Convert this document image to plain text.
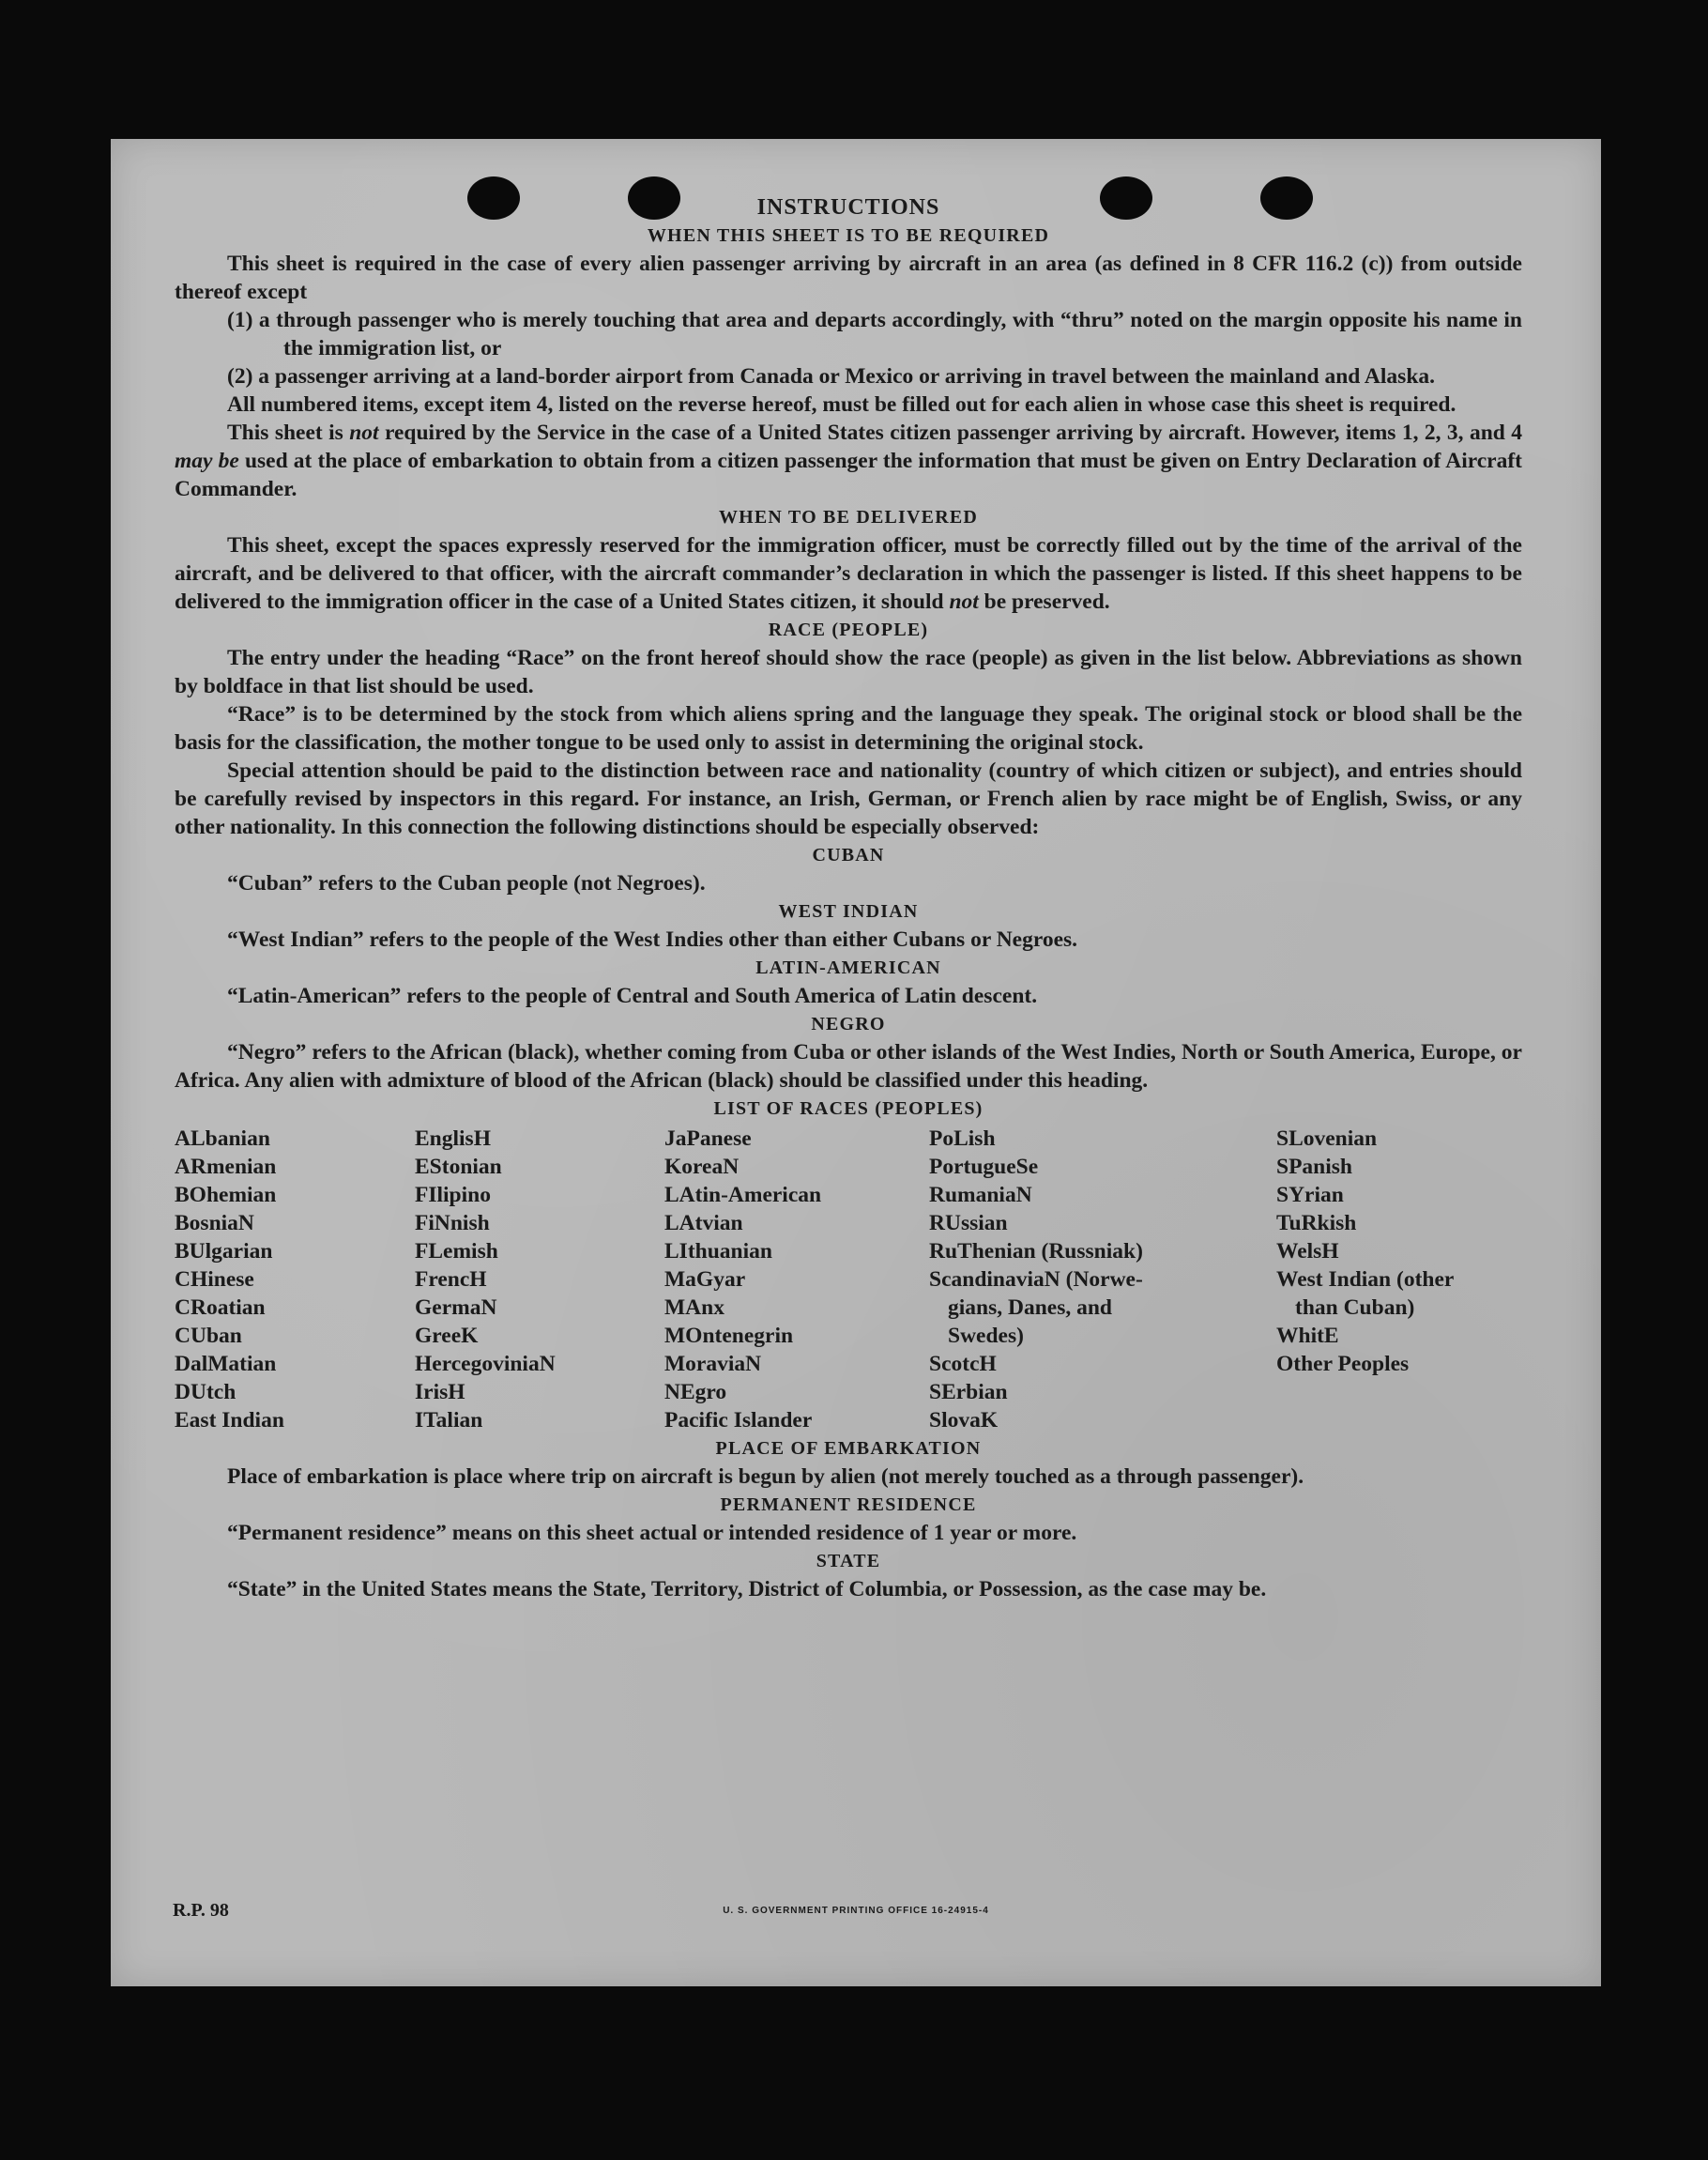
INSTRUCTIONS

WHEN THIS SHEET IS TO BE REQUIRED

This sheet is required in the case of every alien passenger arriving by aircraft in an area (as defined in 8 CFR 116.2 (c)) from outside thereof except

(1) a through passenger who is merely touching that area and departs accordingly, with “thru” noted on the margin opposite his name in the immigration list, or

(2) a passenger arriving at a land-border airport from Canada or Mexico or arriving in travel between the mainland and Alaska.

All numbered items, except item 4, listed on the reverse hereof, must be filled out for each alien in whose case this sheet is required.

This sheet is not required by the Service in the case of a United States citizen passenger arriving by aircraft. However, items 1, 2, 3, and 4 may be used at the place of embarkation to obtain from a citizen passenger the information that must be given on Entry Declaration of Aircraft Commander.

WHEN TO BE DELIVERED

This sheet, except the spaces expressly reserved for the immigration officer, must be correctly filled out by the time of the arrival of the aircraft, and be delivered to that officer, with the aircraft commander’s declaration in which the passenger is listed. If this sheet happens to be delivered to the immigration officer in the case of a United States citizen, it should not be preserved.

RACE (PEOPLE)

The entry under the heading “Race” on the front hereof should show the race (people) as given in the list below. Abbreviations as shown by boldface in that list should be used.

“Race” is to be determined by the stock from which aliens spring and the language they speak. The original stock or blood shall be the basis for the classification, the mother tongue to be used only to assist in determining the original stock.

Special attention should be paid to the distinction between race and nationality (country of which citizen or subject), and entries should be carefully revised by inspectors in this regard. For instance, an Irish, German, or French alien by race might be of English, Swiss, or any other nationality. In this connection the following distinctions should be especially observed:

CUBAN

“Cuban” refers to the Cuban people (not Negroes).

WEST INDIAN

“West Indian” refers to the people of the West Indies other than either Cubans or Negroes.

LATIN-AMERICAN

“Latin-American” refers to the people of Central and South America of Latin descent.

NEGRO

“Negro” refers to the African (black), whether coming from Cuba or other islands of the West Indies, North or South America, Europe, or Africa. Any alien with admixture of blood of the African (black) should be classified under this heading.

LIST OF RACES (PEOPLES)

ALbanian
ARmenian
BOhemian
BosniaN
BUlgarian
CHinese
CRoatian
CUban
DalMatian
DUtch
East Indian
EnglisH
EStonian
FIlipino
FiNnish
FLemish
FrencH
GermaN
GreeK
HercegoviniaN
IrisH
ITalian
JaPanese
KoreaN
LAtin-American
LAtvian
LIthuanian
MaGyar
MAnx
MOntenegrin
MoraviaN
NEgro
Pacific Islander
PoLish
PortugueSe
RumaniaN
RUssian
RuThenian (Russniak)
ScandinaviaN (Norwe-
gians, Danes, and
Swedes)
ScotcH
SErbian
SlovaK
SLovenian
SPanish
SYrian
TuRkish
WelsH
West Indian (other
than Cuban)
WhitE
Other Peoples

PLACE OF EMBARKATION

Place of embarkation is place where trip on aircraft is begun by alien (not merely touched as a through passenger).

PERMANENT RESIDENCE

“Permanent residence” means on this sheet actual or intended residence of 1 year or more.

STATE

“State” in the United States means the State, Territory, District of Columbia, or Possession, as the case may be.

R.P. 98	U. S. GOVERNMENT PRINTING OFFICE 16-24915-4
